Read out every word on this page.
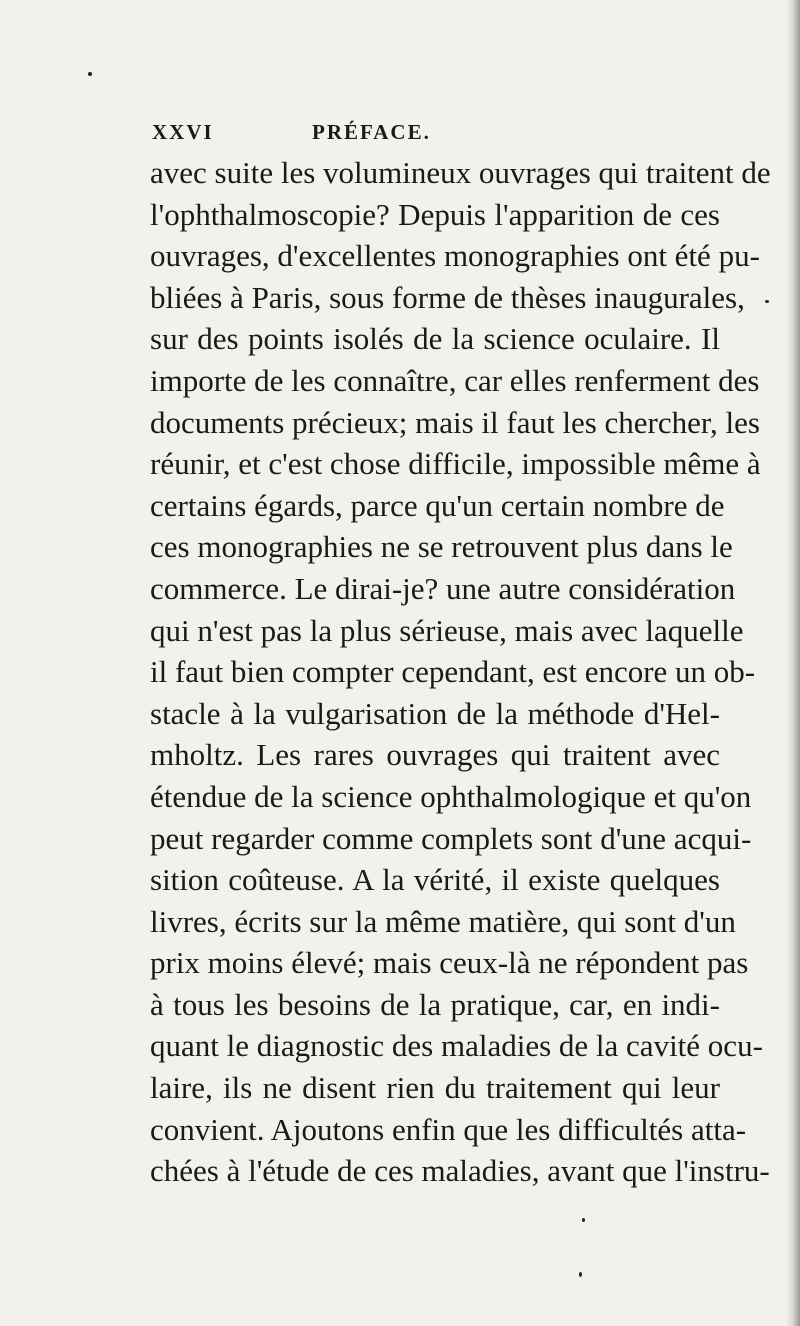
XXVI	PRÉFACE.
avec suite les volumineux ouvrages qui traitent de
l'ophthalmoscopie? Depuis l'apparition de ces
ouvrages, d'excellentes monographies ont été pu-
bliées à Paris, sous forme de thèses inaugurales,
sur des points isolés de la science oculaire. Il
importe de les connaître, car elles renferment des
documents précieux; mais il faut les chercher, les
réunir, et c'est chose difficile, impossible même à
certains égards, parce qu'un certain nombre de
ces monographies ne se retrouvent plus dans le
commerce. Le dirai-je? une autre considération
qui n'est pas la plus sérieuse, mais avec laquelle
il faut bien compter cependant, est encore un ob-
stacle à la vulgarisation de la méthode d'Hel-
mholtz. Les rares ouvrages qui traitent avec
étendue de la science ophthalmologique et qu'on
peut regarder comme complets sont d'une acqui-
sition coûteuse. A la vérité, il existe quelques
livres, écrits sur la même matière, qui sont d'un
prix moins élevé; mais ceux-là ne répondent pas
à tous les besoins de la pratique, car, en indi-
quant le diagnostic des maladies de la cavité ocu-
laire, ils ne disent rien du traitement qui leur
convient. Ajoutons enfin que les difficultés atta-
chées à l'étude de ces maladies, avant que l'instru-
